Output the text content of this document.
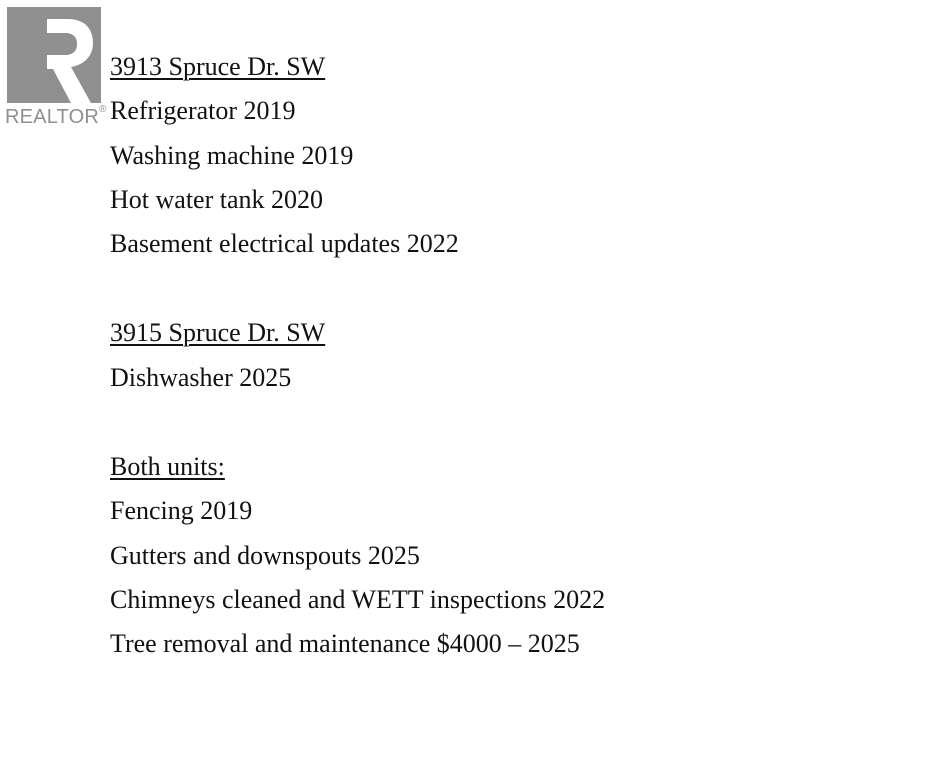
REALTOR®
3913 Spruce Dr. SW
Refrigerator 2019
Washing machine 2019
Hot water tank 2020
Basement electrical updates 2022
3915 Spruce Dr. SW
Dishwasher 2025
Both units:
Fencing 2019
Gutters and downspouts 2025
Chimneys cleaned and WETT inspections 2022
Tree removal and maintenance $4000 – 2025
